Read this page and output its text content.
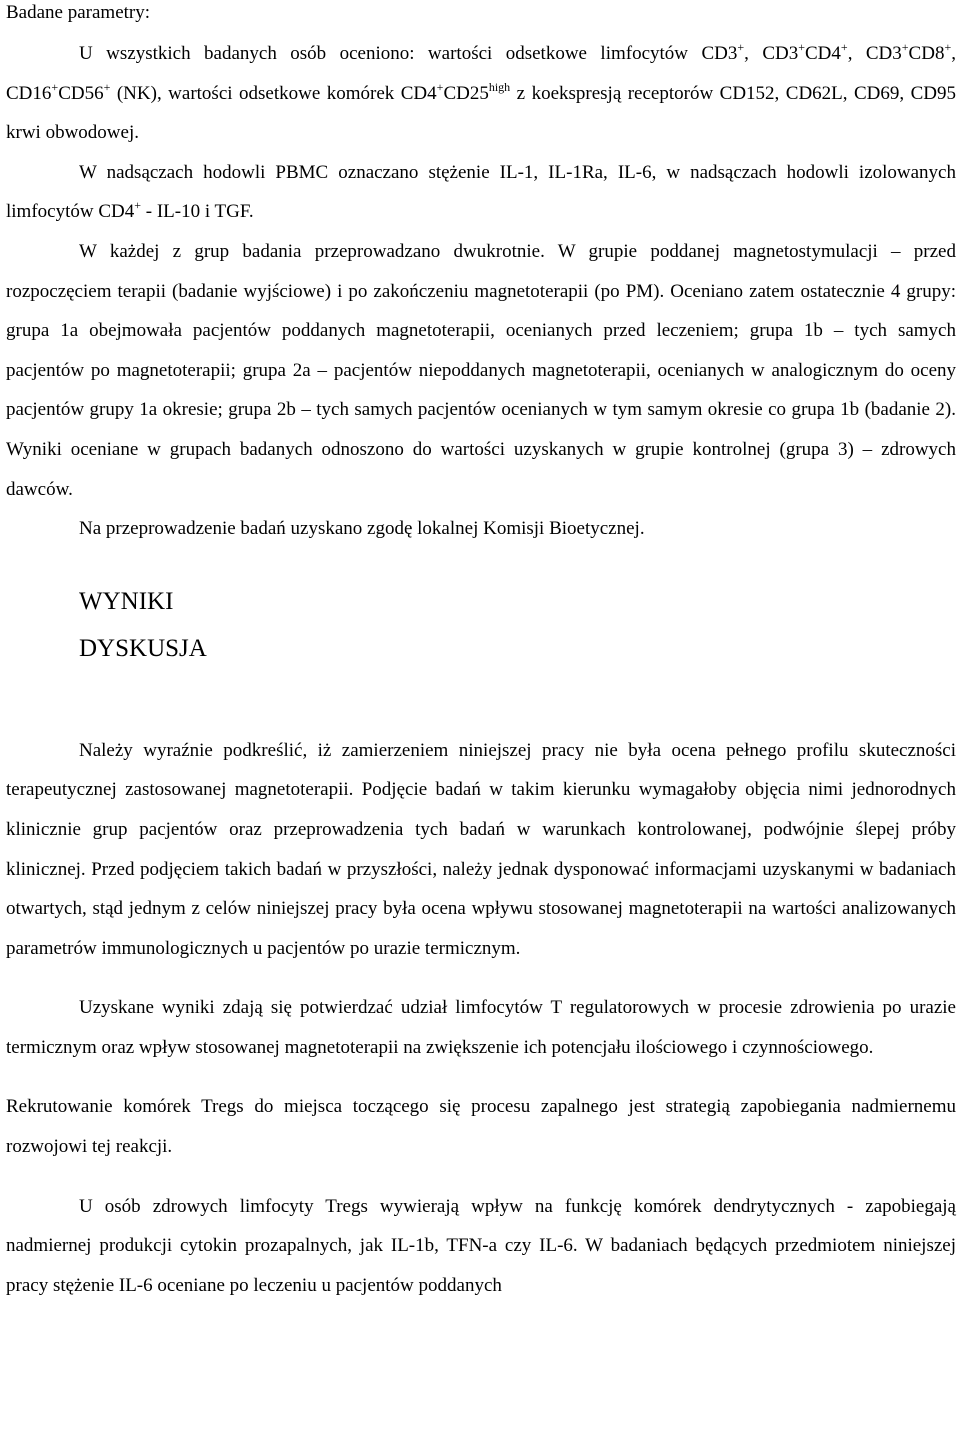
Badane parametry:

U wszystkich badanych osób oceniono: wartości odsetkowe limfocytów CD3+, CD3+CD4+, CD3+CD8+, CD16+CD56+ (NK), wartości odsetkowe komórek $CD4^+CD25^{high}$ z koekspresją receptorów CD152, CD62L, CD69, CD95 krwi obwodowej.

W nadsączach hodowli PBMC oznaczano stężenie IL-1, IL-1Ra, IL-6, w nadsączach hodowli izolowanych limfocytów CD4+ - IL-10 i TGF.

W każdej z grup badania przeprowadzano dwukrotnie. W grupie poddanej magnetostymulacji – przed rozpoczęciem terapii (badanie wyjściowe) i po zakończeniu magnetoterapii (po PM). Oceniano zatem ostatecznie 4 grupy: grupa 1a obejmowała pacjentów poddanych magnetoterapii, ocenianych przed leczeniem; grupa 1b – tych samych pacjentów po magnetoterapii; grupa 2a – pacjentów niepoddanych magnetoterapii, ocenianych w analogicznym do oceny pacjentów grupy 1a okresie; grupa 2b – tych samych pacjentów ocenianych w tym samym okresie co grupa 1b (badanie 2). Wyniki oceniane w grupach badanych odnoszono do wartości uzyskanych w grupie kontrolnej (grupa 3) – zdrowych dawców.

Na przeprowadzenie badań uzyskano zgodę lokalnej Komisji Bioetycznej.

WYNIKI

DYSKUSJA

Należy wyraźnie podkreślić, iż zamierzeniem niniejszej pracy nie była ocena pełnego profilu skuteczności terapeutycznej zastosowanej magnetoterapii. Podjęcie badań w takim kierunku wymagałoby objęcia nimi jednorodnych klinicznie grup pacjentów oraz przeprowadzenia tych badań w warunkach kontrolowanej, podwójnie ślepej próby klinicznej. Przed podjęciem takich badań w przyszłości, należy jednak dysponować informacjami uzyskanymi w badaniach otwartych, stąd jednym z celów niniejszej pracy była ocena wpływu stosowanej magnetoterapii na wartości analizowanych parametrów immunologicznych u pacjentów po urazie termicznym.

Uzyskane wyniki zdają się potwierdzać udział limfocytów T regulatorowych w procesie zdrowienia po urazie termicznym oraz wpływ stosowanej magnetoterapii na zwiększenie ich potencjału ilościowego i czynnościowego.

Rekrutowanie komórek Tregs do miejsca toczącego się procesu zapalnego jest strategią zapobiegania nadmiernemu rozwojowi tej reakcji.

U osób zdrowych limfocyty Tregs wywierają wpływ na funkcję komórek dendrytycznych - zapobiegają nadmiernej produkcji cytokin prozapalnych, jak IL-1b, TFN-a czy IL-6. W badaniach będących przedmiotem niniejszej pracy stężenie IL-6 oceniane po leczeniu u pacjentów poddanych
